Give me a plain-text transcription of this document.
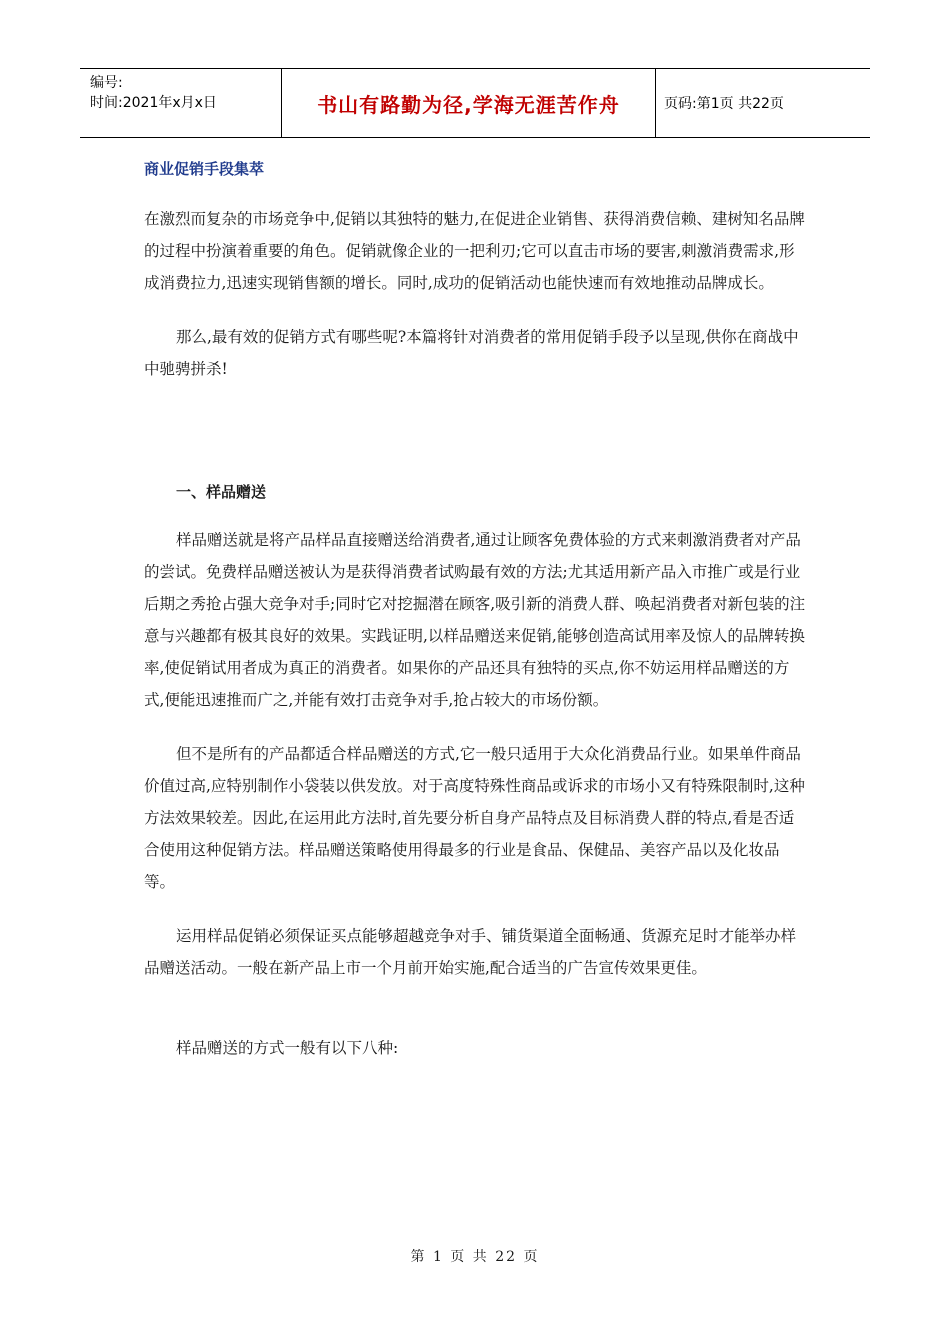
编号:
时间:2021年x月x日	书山有路勤为径,学海无涯苦作舟	页码:第1页 共22页
商业促销手段集萃

在激烈而复杂的市场竞争中,促销以其独特的魅力,在促进企业销售、获得消费信赖、建树知名品牌的过程中扮演着重要的角色。促销就像企业的一把利刃;它可以直击市场的要害,刺激消费需求,形成消费拉力,迅速实现销售额的增长。同时,成功的促销活动也能快速而有效地推动品牌成长。

那么,最有效的促销方式有哪些呢?本篇将针对消费者的常用促销手段予以呈现,供你在商战中 中驰骋拼杀!

一、样品赠送

样品赠送就是将产品样品直接赠送给消费者,通过让顾客免费体验的方式来刺激消费者对产品的尝试。免费样品赠送被认为是获得消费者试购最有效的方法;尤其适用新产品入市推广或是行业后期之秀抢占强大竞争对手;同时它对挖掘潜在顾客,吸引新的消费人群、唤起消费者对新包装的注意与兴趣都有极其良好的效果。实践证明,以样品赠送来促销,能够创造高试用率及惊人的品牌转换率,使促销试用者成为真正的消费者。如果你的产品还具有独特的买点,你不妨运用样品赠送的方式,便能迅速推而广之,并能有效打击竞争对手,抢占较大的市场份额。

但不是所有的产品都适合样品赠送的方式,它一般只适用于大众化消费品行业。如果单件商品价值过高,应特别制作小袋装以供发放。对于高度特殊性商品或诉求的市场小又有特殊限制时,这种方法效果较差。因此,在运用此方法时,首先要分析自身产品特点及目标消费人群的特点,看是否适合使用这种促销方法。样品赠送策略使用得最多的行业是食品、保健品、美容产品以及化妆品等。

运用样品促销必须保证买点能够超越竞争对手、铺货渠道全面畅通、货源充足时才能举办样品赠送活动。一般在新产品上市一个月前开始实施,配合适当的广告宣传效果更佳。

样品赠送的方式一般有以下八种:

第 1 页 共 22 页
